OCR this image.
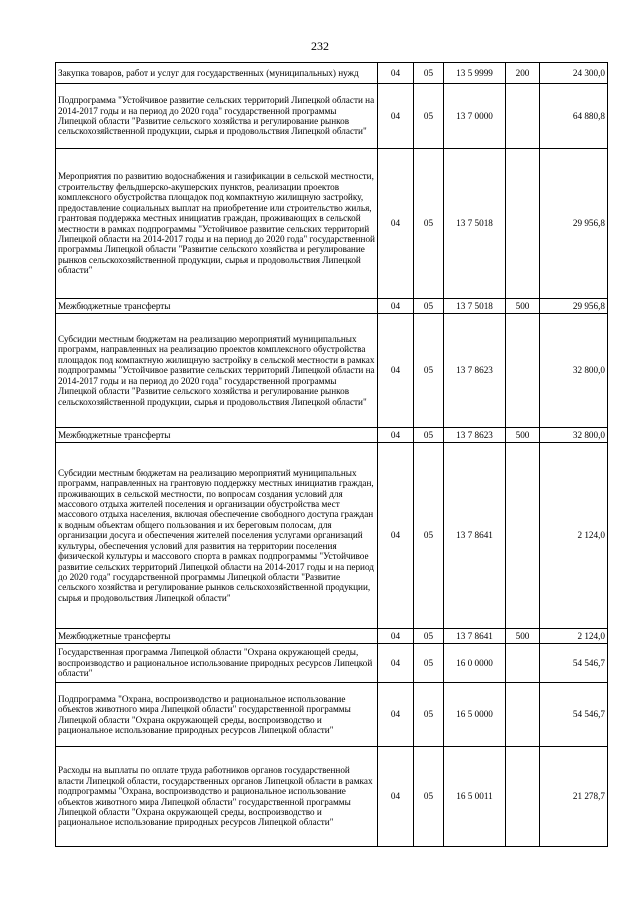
232
Закупка товаров, работ и услуг для государственных (муниципальных) нужд	04	05	13 5 9999	200	24 300,0
Подпрограмма "Устойчивое развитие сельских территорий Липецкой области на 2014-2017 годы и на период до 2020 года" государственной программы Липецкой области "Развитие сельского хозяйства и регулирование рынков сельскохозяйственной продукции, сырья и продовольствия Липецкой области"	04	05	13 7 0000		64 880,8
Мероприятия по развитию водоснабжения и газификации в сельской местности, строительству фельдшерско-акушерских пунктов, реализации проектов комплексного обустройства площадок под компактную жилищную застройку, предоставление социальных выплат на приобретение или строительство жилья, грантовая поддержка местных инициатив граждан, проживающих в сельской местности в рамках подпрограммы "Устойчивое развитие сельских территорий Липецкой области на 2014-2017 годы и на период до 2020 года" государственной программы Липецкой области "Развитие сельского хозяйства и регулирование рынков сельскохозяйственной продукции, сырья и продовольствия Липецкой области"	04	05	13 7 5018		29 956,8
Межбюджетные трансферты	04	05	13 7 5018	500	29 956,8
Субсидии местным бюджетам на реализацию мероприятий муниципальных программ, направленных на реализацию проектов комплексного обустройства площадок под компактную жилищную застройку в сельской местности в рамках подпрограммы "Устойчивое развитие сельских территорий Липецкой области на 2014-2017 годы и на период до 2020 года" государственной программы Липецкой области "Развитие сельского хозяйства и регулирование рынков сельскохозяйственной продукции, сырья и продовольствия Липецкой области"	04	05	13 7 8623		32 800,0
Межбюджетные трансферты	04	05	13 7 8623	500	32 800,0
Субсидии местным бюджетам на реализацию мероприятий муниципальных программ, направленных на грантовую поддержку местных инициатив граждан, проживающих в сельской местности, по вопросам создания условий для массового отдыха жителей поселения и организации обустройства мест массового отдыха населения, включая обеспечение свободного доступа граждан к водным объектам общего пользования и их береговым полосам, для организации досуга и обеспечения жителей поселения услугами организаций культуры, обеспечения условий для развития на территории поселения физической культуры и массового спорта в рамках подпрограммы "Устойчивое развитие сельских территорий Липецкой области на 2014-2017 годы и на период до 2020 года" государственной программы Липецкой области "Развитие сельского хозяйства и регулирование рынков сельскохозяйственной продукции, сырья и продовольствия Липецкой области"	04	05	13 7 8641		2 124,0
Межбюджетные трансферты	04	05	13 7 8641	500	2 124,0
Государственная программа Липецкой области "Охрана окружающей среды, воспроизводство и рациональное использование природных ресурсов Липецкой области"	04	05	16 0 0000		54 546,7
Подпрограмма "Охрана, воспроизводство и рациональное использование объектов животного мира Липецкой области" государственной программы Липецкой области "Охрана окружающей среды, воспроизводство и рациональное использование природных ресурсов Липецкой области"	04	05	16 5 0000		54 546,7
Расходы на выплаты по оплате труда работников органов государственной власти Липецкой области, государственных органов Липецкой области в рамках подпрограммы "Охрана, воспроизводство и рациональное использование объектов животного мира Липецкой области" государственной программы Липецкой области "Охрана окружающей среды, воспроизводство и рациональное использование природных ресурсов Липецкой области"	04	05	16 5 0011		21 278,7
